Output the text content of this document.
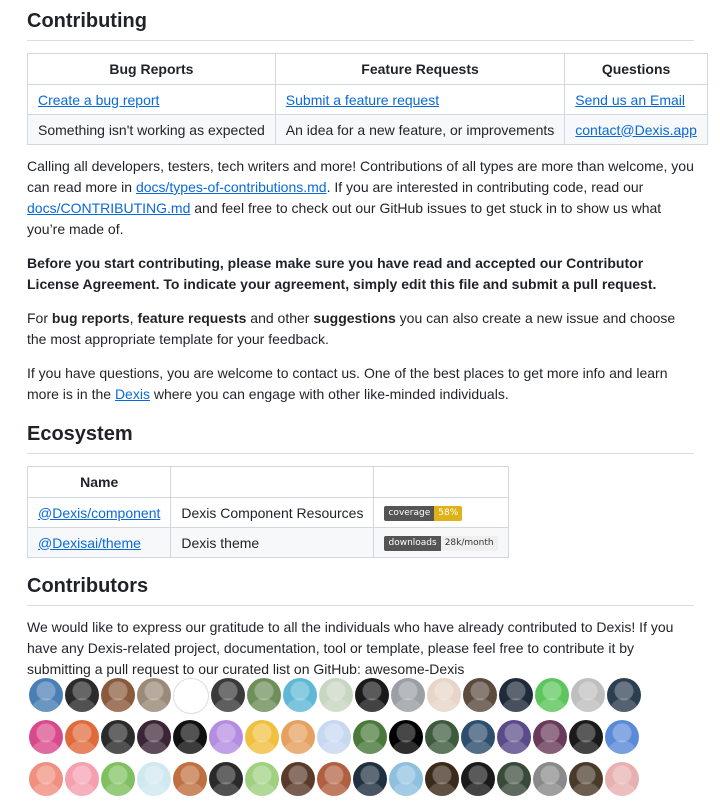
Contributing
Bug Reports	Feature Requests	Questions
Create a bug report	Submit a feature request	Send us an Email
Something isn't working as expected	An idea for a new feature, or improvements	contact@Dexis.app

Calling all developers, testers, tech writers and more! Contributions of all types are more than welcome, you can read more in docs/types-of-contributions.md. If you are interested in contributing code, read our docs/CONTRIBUTING.md and feel free to check out our GitHub issues to get stuck in to show us what you’re made of.

Before you start contributing, please make sure you have read and accepted our Contributor License Agreement. To indicate your agreement, simply edit this file and submit a pull request.

For bug reports, feature requests and other suggestions you can also create a new issue and choose the most appropriate template for your feedback.

If you have questions, you are welcome to contact us. One of the best places to get more info and learn more is in the Dexis where you can engage with other like-minded individuals.

Ecosystem
Name		
@Dexis/component	Dexis Component Resources	coverage 58%

@Dexisai/theme	Dexis theme	downloads 28k/month
Contributors

We would like to express our gratitude to all the individuals who have already contributed to Dexis! If you have any Dexis-related project, documentation, tool or template, please feel free to contribute it by submitting a pull request to our curated list on GitHub: awesome-Dexis
